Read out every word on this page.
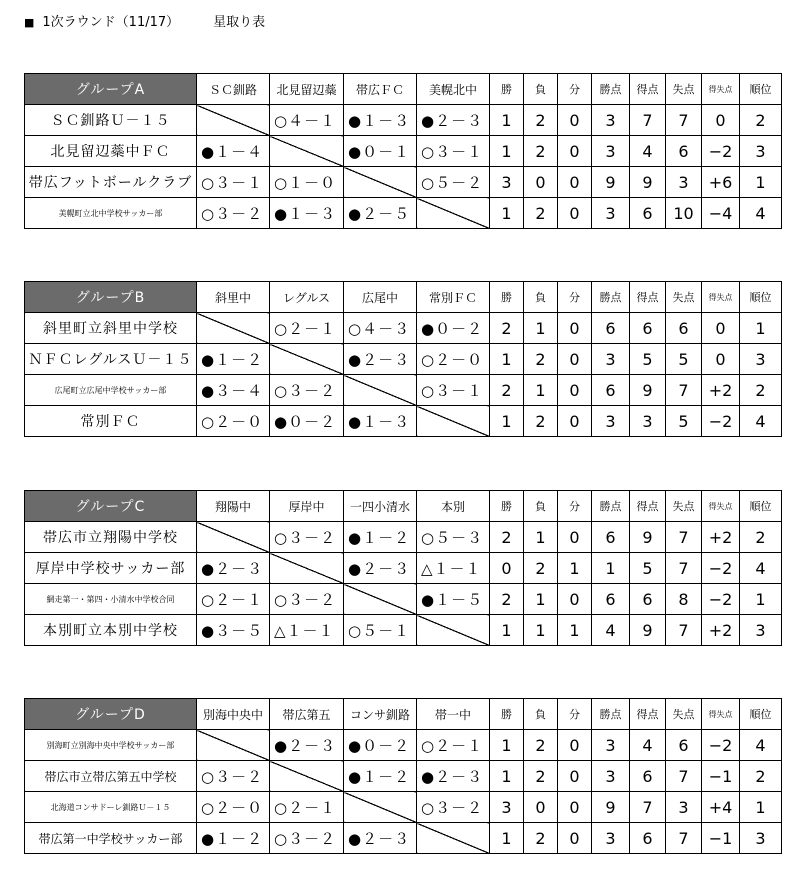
■ 1次ラウンド（11/17）	星取り表
グループA	ＳＣ釧路	北見留辺蘂	帯広ＦＣ	美幌北中	勝	負	分	勝点	得点	失点	得失点	順位
ＳＣ釧路Ｕ－１５		○４－１	●１－３	●２－３	1	2	0	3	7	7	0	2
北見留辺蘂中ＦＣ	●１－４		●０－１	○３－１	1	2	0	3	4	6	−2	3
帯広フットボールクラブ	○３－１	○１－０		○５－２	3	0	0	9	9	3	+6	1
美幌町立北中学校サッカー部	○３－２	●１－３	●２－５		1	2	0	3	6	10	−4	4
グループB	斜里中	レグルス	広尾中	常別ＦＣ	勝	負	分	勝点	得点	失点	得失点	順位
斜里町立斜里中学校		○２－１	○４－３	●０－２	2	1	0	6	6	6	0	1
ＮＦＣレグルスＵ－１５	●１－２		●２－３	○２－０	1	2	0	3	5	5	0	3
広尾町立広尾中学校サッカー部	●３－４	○３－２		○３－１	2	1	0	6	9	7	+2	2
常別ＦＣ	○２－０	●０－２	●１－３		1	2	0	3	3	5	−2	4
グループC	翔陽中	厚岸中	一四小清水	本別	勝	負	分	勝点	得点	失点	得失点	順位
帯広市立翔陽中学校		○３－２	●１－２	○５－３	2	1	0	6	9	7	+2	2
厚岸中学校サッカー部	●２－３		●２－３	△１－１	0	2	1	1	5	7	−2	4
網走第一・第四・小清水中学校合同	○２－１	○３－２		●１－５	2	1	0	6	6	8	−2	1
本別町立本別中学校	●３－５	△１－１	○５－１		1	1	1	4	9	7	+2	3
グループD	別海中央中	帯広第五	コンサ釧路	帯一中	勝	負	分	勝点	得点	失点	得失点	順位
別海町立別海中央中学校サッカー部		●２－３	●０－２	○２－１	1	2	0	3	4	6	−2	4
帯広市立帯広第五中学校	○３－２		●１－２	●２－３	1	2	0	3	6	7	−1	2
北海道コンサドーレ釧路Ｕ－１５	○２－０	○２－１		○３－２	3	0	0	9	7	3	+4	1
帯広第一中学校サッカー部	●１－２	○３－２	●２－３		1	2	0	3	6	7	−1	3
